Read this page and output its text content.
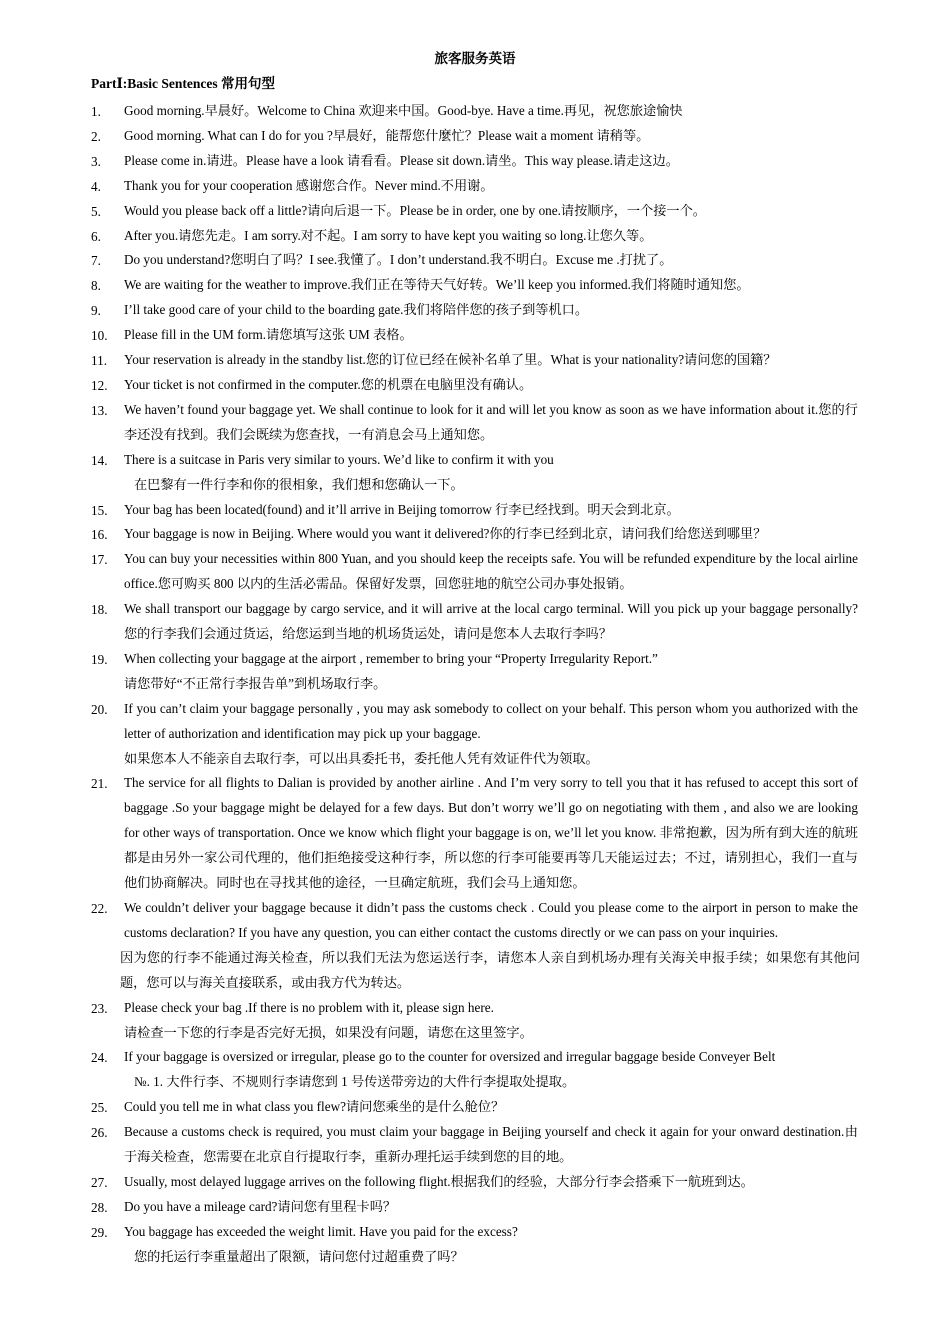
旅客服务英语
PartⅠ:Basic Sentences 常用句型
1. Good morning.早晨好。Welcome to China 欢迎来中国。Good-bye. Have a time.再见，祝您旅途愉快
2. Good morning. What can I do for you ?早晨好，能帮您什麼忙？Please wait a moment 请稍等。
3. Please come in.请进。Please have a look 请看看。Please sit down.请坐。This way please.请走这边。
4. Thank you for your cooperation 感谢您合作。Never mind.不用谢。
5. Would you please back off a little?请向后退一下。Please be in order, one by one.请按顺序，一个接一个。
6. After you.请您先走。I am sorry.对不起。I am sorry to have kept you waiting so long.让您久等。
7. Do you understand?您明白了吗？I see.我懂了。I don’t understand.我不明白。Excuse me .打扰了。
8. We are waiting for the weather to improve.我们正在等待天气好转。We’ll keep you informed.我们将随时通知您。
9. I’ll take good care of your child to the boarding gate.我们将陪伴您的孩子到等机口。
10. Please fill in the UM form.请您填写这张 UM 表格。
11. Your reservation is already in the standby list.您的订位已经在候补名单了里。What is your nationality?请问您的国籍？
12. Your ticket is not confirmed in the computer.您的机票在电脑里没有确认。
13. We haven’t found your baggage yet. We shall continue to look for it and will let you know as soon as we have information about it.您的行李还没有找到。我们会既续为您查找，一有消息会马上通知您。
14. There is a suitcase in Paris very similar to yours. We’d like to confirm it with you
在巴黎有一件行李和你的很相象，我们想和您确认一下。
15. Your bag has been located(found) and it’ll arrive in Beijing tomorrow 行李已经找到。明天会到北京。
16. Your baggage is now in Beijing. Where would you want it delivered?你的行李已经到北京，请问我们给您送到哪里？
17. You can buy your necessities within 800 Yuan, and you should keep the receipts safe. You will be refunded expenditure by the local airline office.您可购买 800 以内的生活必需品。保留好发票，回您驻地的航空公司办事处报销。
18. We shall transport our baggage by cargo service, and it will arrive at the local cargo terminal. Will you pick up your baggage personally?您的行李我们会通过货运，给您运到当地的机场货运处，请问是您本人去取行李吗？
19. When collecting your baggage at the airport , remember to bring your “Property Irregularity Report.”
请您带好“不正常行李报告单”到机场取行李。
20. If you can’t claim your baggage personally , you may ask somebody to collect on your behalf. This person whom you authorized with the letter of authorization and identification may pick up your baggage.
如果您本人不能亲自去取行李，可以出具委托书，委托他人凭有效证件代为领取。
21. The service for all flights to Dalian is provided by another airline . And I’m very sorry to tell you that it has refused to accept this sort of baggage .So your baggage might be delayed for a few days. But don’t worry we’ll go on negotiating with them , and also we are looking for other ways of transportation. Once we know which flight your baggage is on, we’ll let you know. 非常抱歉，因为所有到大连的航班都是由另外一家公司代理的，他们拒绝接受这种行李，所以您的行李可能要再等几天能运过去；不过，请别担心，我们一直与他们协商解决。同时也在寻找其他的途径，一旦确定航班，我们会马上通知您。
22. We couldn’t deliver your baggage because it didn’t pass the customs check . Could you please come to the airport in person to make the customs declaration? If you have any question, you can either contact the customs directly or we can pass on your inquiries.
因为您的行李不能通过海关检查，所以我们无法为您运送行李，请您本人亲自到机场办理有关海关申报手续；如果您有其他问题，您可以与海关直接联系，或由我方代为转达。
23. Please check your bag .If there is no problem with it, please sign here.
请检查一下您的行李是否完好无损，如果没有问题，请您在这里签字。
24. If your baggage is oversized or irregular, please go to the counter for oversized and irregular baggage beside Conveyer Belt
№. 1. 大件行李、不规则行李请您到 1 号传送带旁边的大件行李提取处提取。
25. Could you tell me in what class you flew?请问您乘坐的是什么舱位？
26. Because a customs check is required, you must claim your baggage in Beijing yourself and check it again for your onward destination.由于海关检查，您需要在北京自行提取行李，重新办理托运手续到您的目的地。
27. Usually, most delayed luggage arrives on the following flight.根据我们的经验，大部分行李会搭乘下一航班到达。
28. Do you have a mileage card?请问您有里程卡吗？
29. You baggage has exceeded the weight limit. Have you paid for the excess?
您的托运行李重量超出了限额，请问您付过超重费了吗？
